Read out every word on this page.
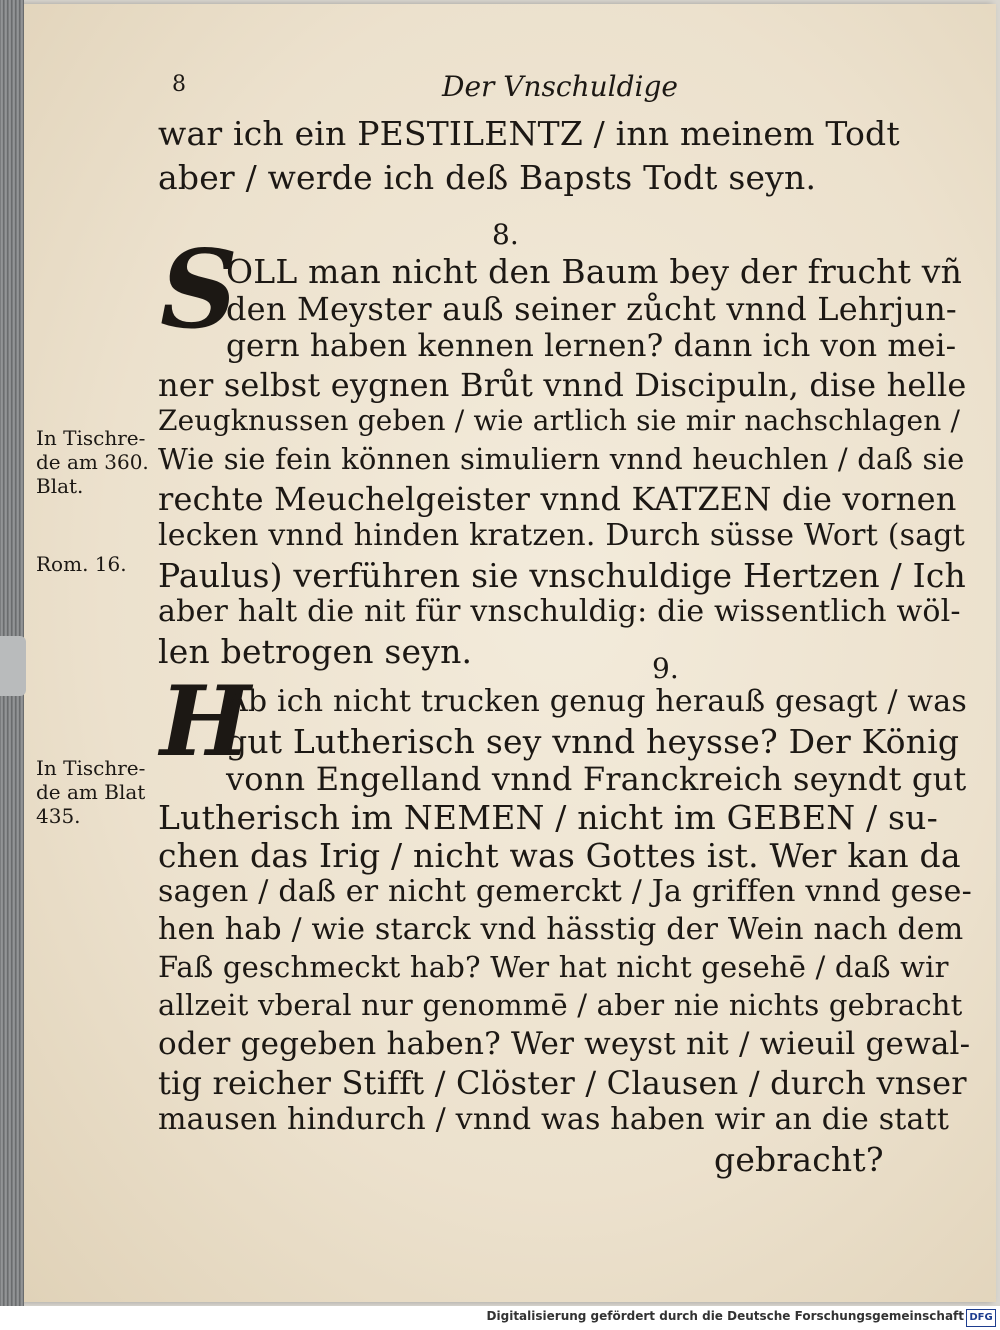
8	Der Vnschuldige
war ich ein PESTILENTZ / inn meinem Todt
aber / werde ich deß Bapsts Todt seyn.
8.
S
OLL man nicht den Baum bey der frucht vñ
den Meyster auß seiner zůcht vnnd Lehrjun-
gern haben kennen lernen? dann ich von mei-
ner selbst eygnen Brůt vnnd Discipuln, dise helle
Zeugknussen geben / wie artlich sie mir nachschlagen /
Wie sie fein können simuliern vnnd heuchlen / daß sie
rechte Meuchelgeister vnnd KATZEN die vornen
lecken vnnd hinden kratzen. Durch süsse Wort (sagt
Paulus) verführen sie vnschuldige Hertzen / Ich
aber halt die nit für vnschuldig: die wissentlich wöl-
len betrogen seyn.	9.
H
Ab ich nicht trucken genug herauß gesagt / was
gut Lutherisch sey vnnd heysse? Der König
vonn Engelland vnnd Franckreich seyndt gut
Lutherisch im NEMEN / nicht im GEBEN / su-
chen das Irig / nicht was Gottes ist. Wer kan da
sagen / daß er nicht gemerckt / Ja griffen vnnd gese-
hen hab / wie starck vnd hässtig der Wein nach dem
Faß geschmeckt hab? Wer hat nicht gesehē / daß wir
allzeit vberal nur genommē / aber nie nichts gebracht
oder gegeben haben? Wer weyst nit / wieuil gewal-
tig reicher Stifft / Clöster / Clausen / durch vnser
mausen hindurch / vnnd was haben wir an die statt
gebracht?
In Tischre-
de am 360.
Blat.
Rom. 16.
In Tischre-
de am Blat
435.
Digitalisierung gefördert durch die Deutsche Forschungsgemeinschaft DFG
